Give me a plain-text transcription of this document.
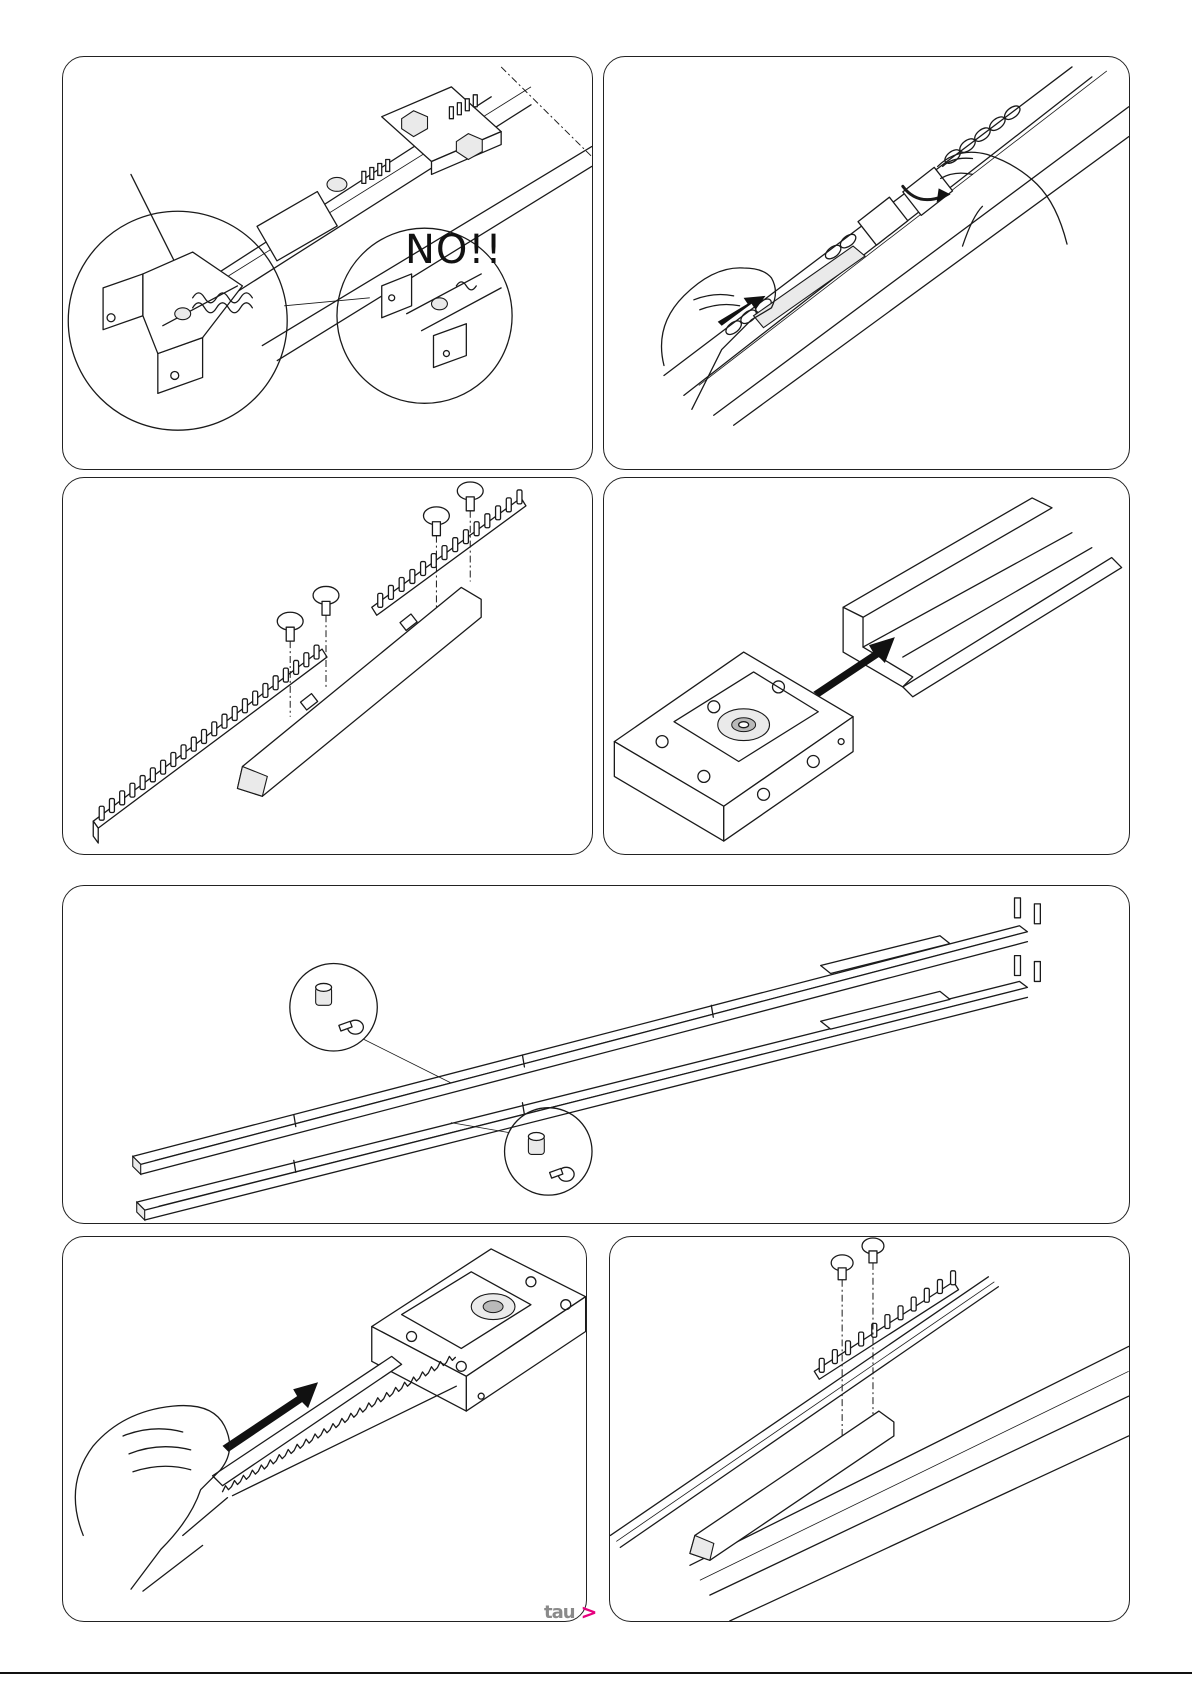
NO!!
tau >
